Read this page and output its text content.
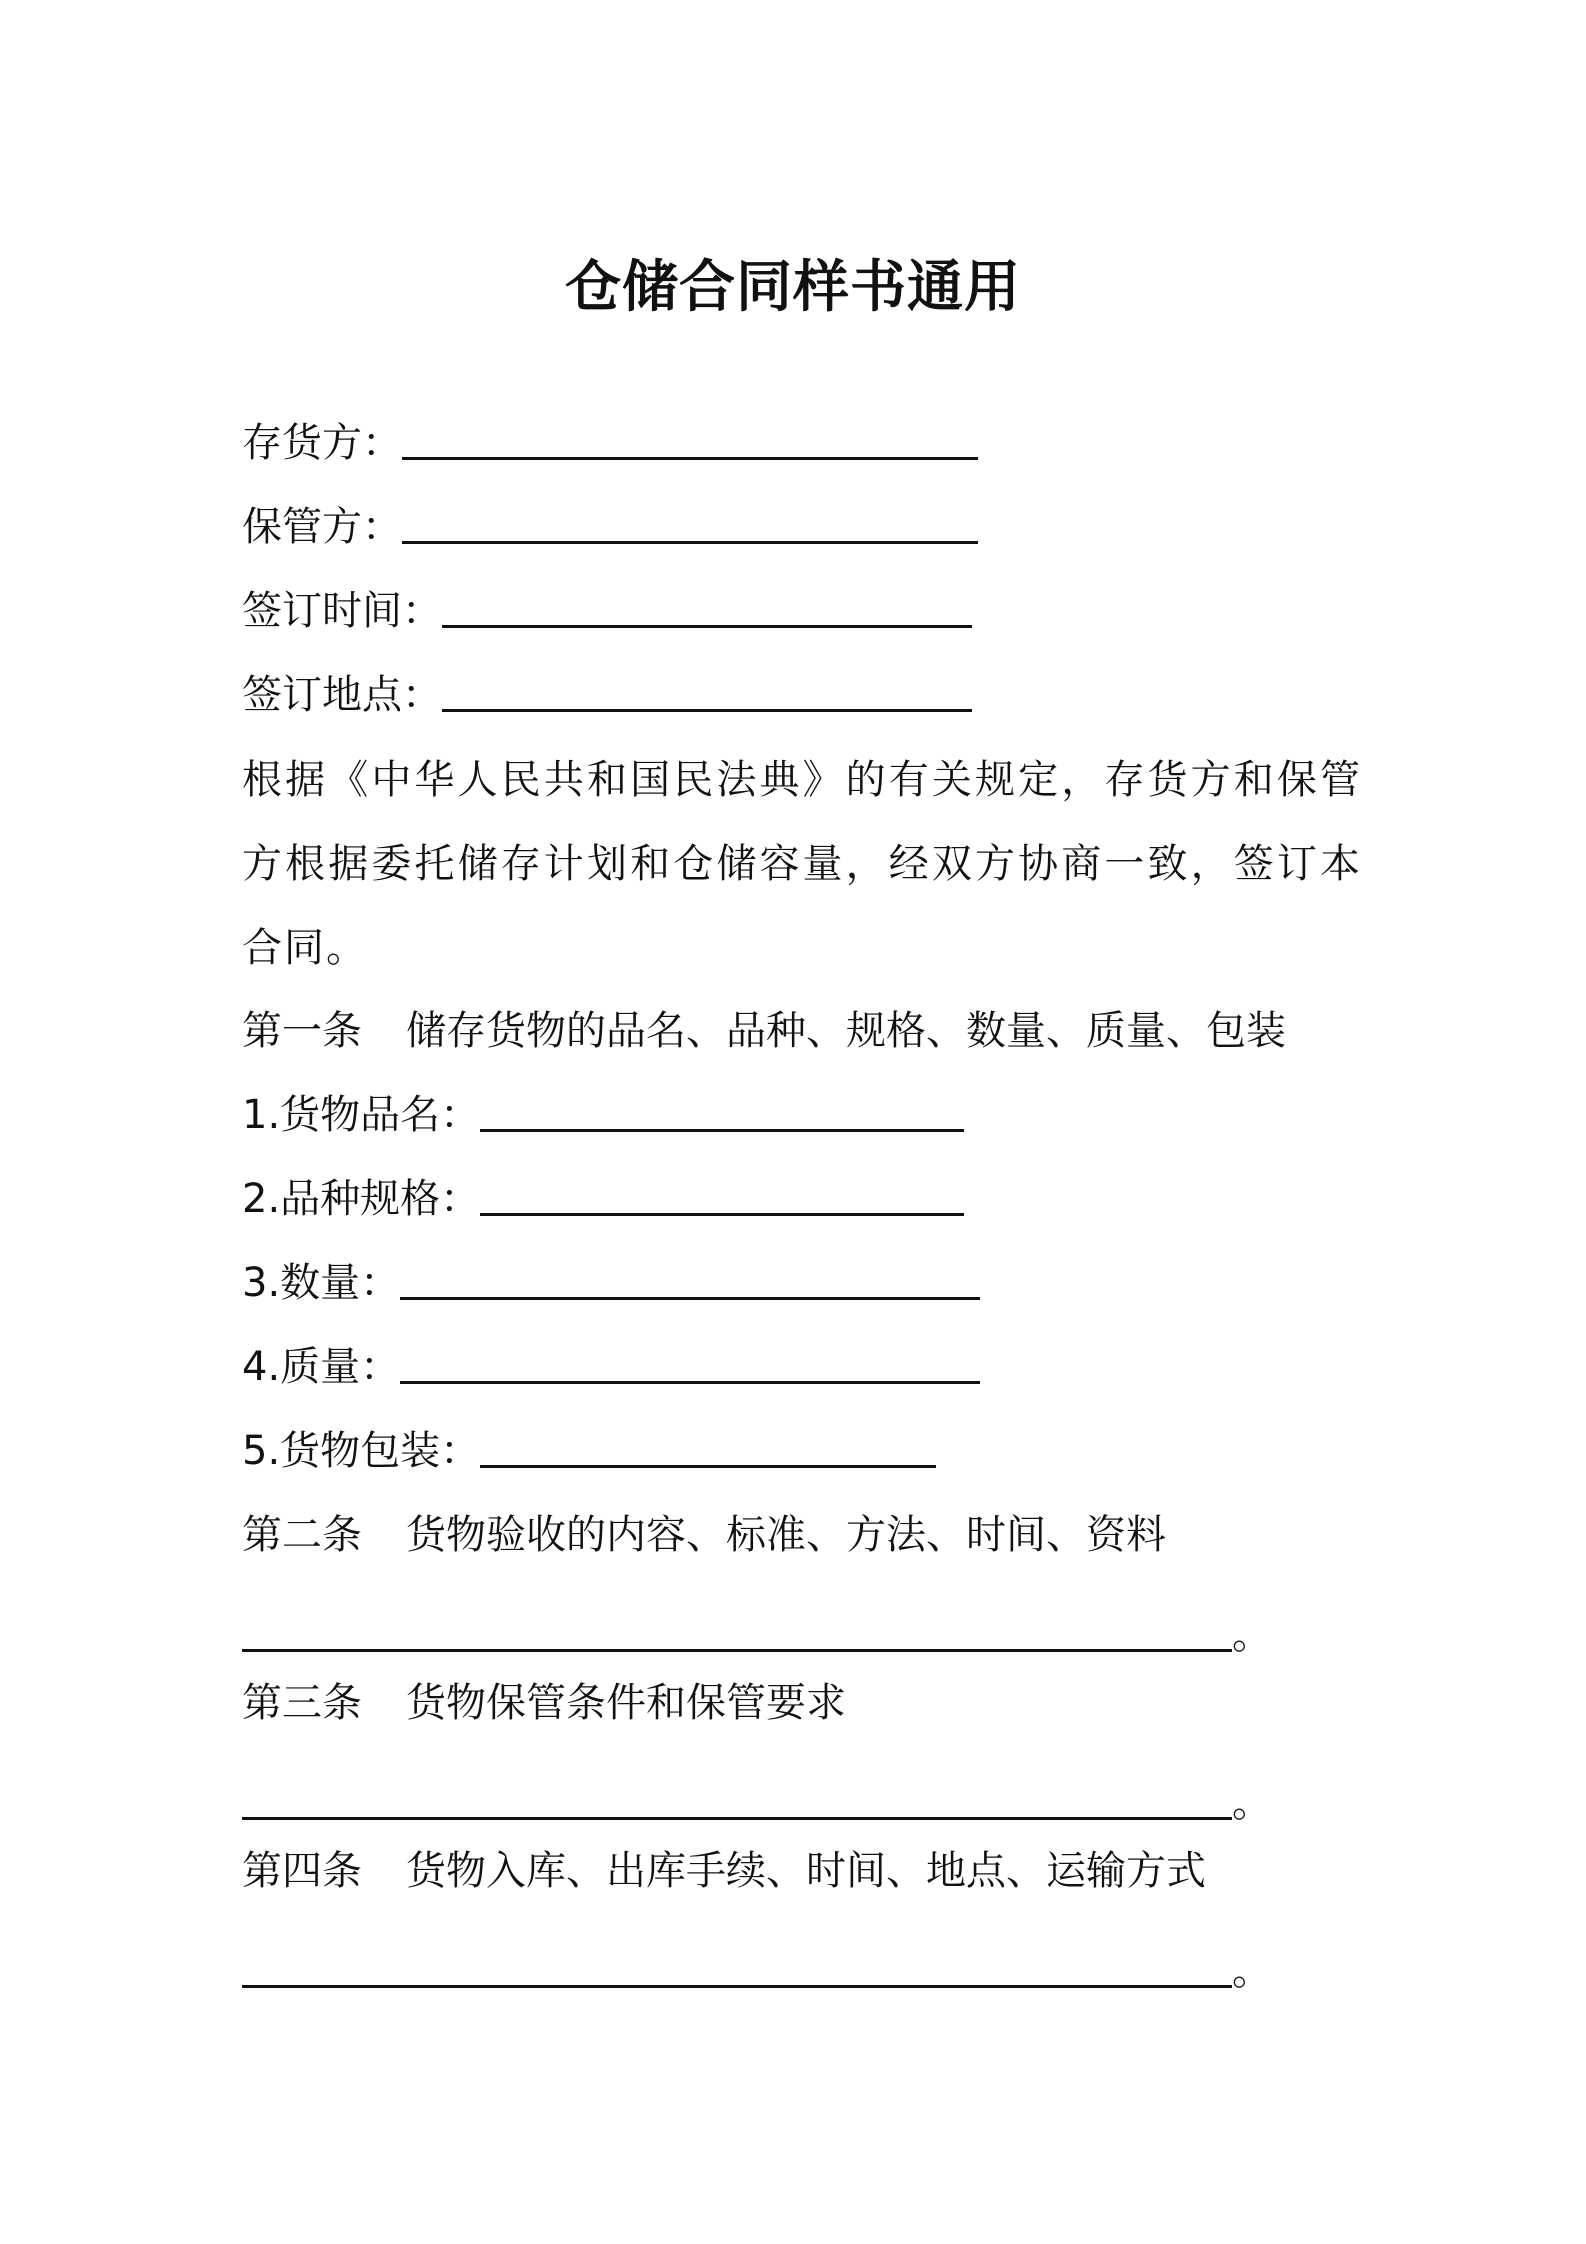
仓储合同样书通用
存货方：
保管方：
签订时间：
签订地点：
根据《中华人民共和国民法典》的有关规定，存货方和保管方根据委托储存计划和仓储容量，经双方协商一致，签订本合同。
第一条 储存货物的品名、品种、规格、数量、质量、包装
1.货物品名：
2.品种规格：
3.数量：
4.质量：
5.货物包装：
第二条 货物验收的内容、标准、方法、时间、资料
。
第三条 货物保管条件和保管要求
。
第四条 货物入库、出库手续、时间、地点、运输方式
。
